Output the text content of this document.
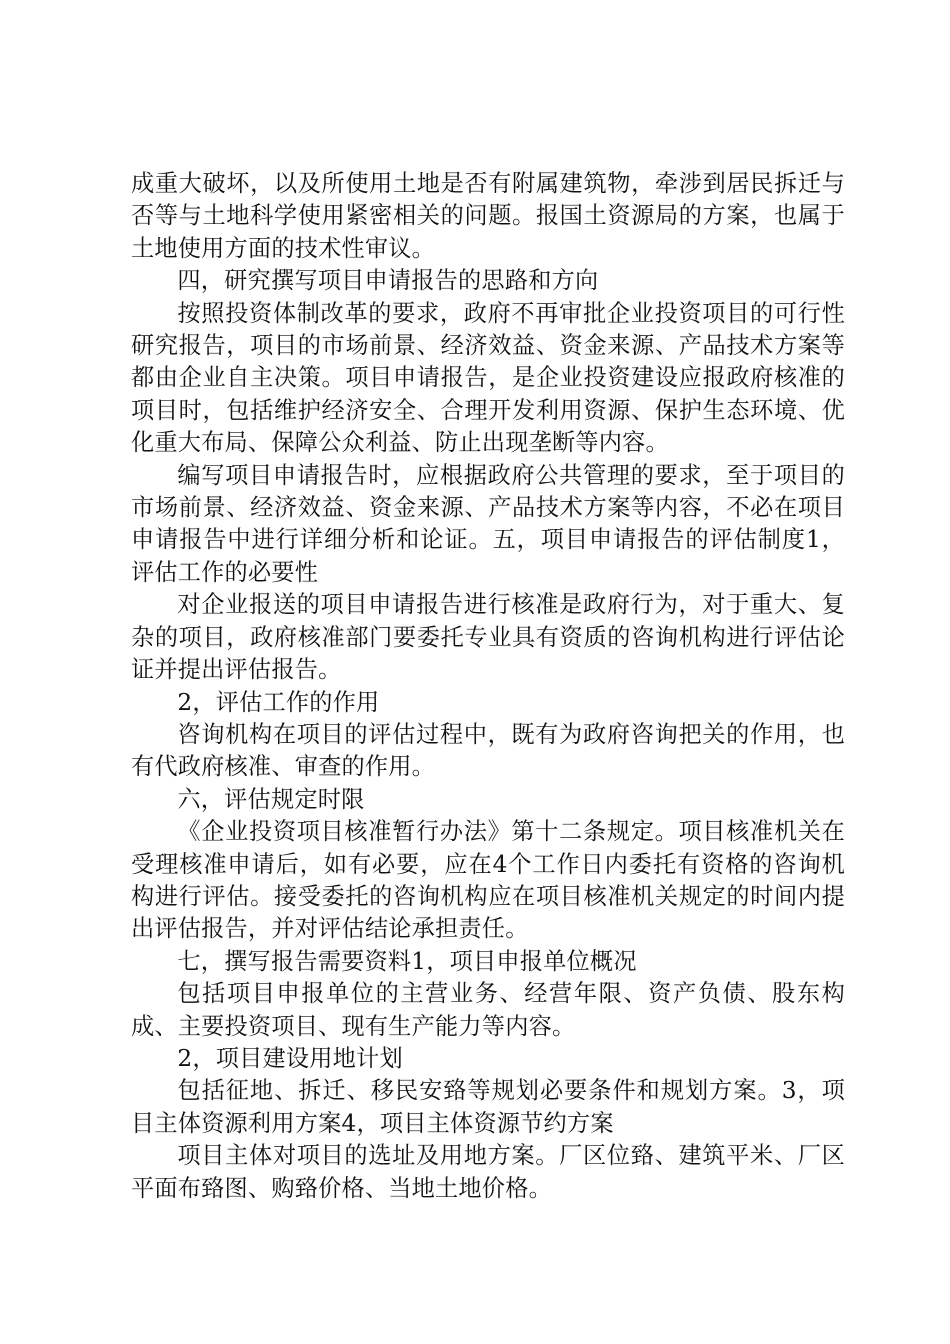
成重大破坏，以及所使用土地是否有附属建筑物，牵涉到居民拆迁与否等与土地科学使用紧密相关的问题。报国土资源局的方案，也属于土地使用方面的技术性审议。

四，研究撰写项目申请报告的思路和方向

按照投资体制改革的要求，政府不再审批企业投资项目的可行性研究报告，项目的市场前景、经济效益、资金来源、产品技术方案等都由企业自主决策。项目申请报告，是企业投资建设应报政府核准的项目时，包括维护经济安全、合理开发利用资源、保护生态环境、优化重大布局、保障公众利益、防止出现垄断等内容。

编写项目申请报告时，应根据政府公共管理的要求，至于项目的市场前景、经济效益、资金来源、产品技术方案等内容，不必在项目申请报告中进行详细分析和论证。五，项目申请报告的评估制度1，评估工作的必要性

对企业报送的项目申请报告进行核准是政府行为，对于重大、复杂的项目，政府核准部门要委托专业具有资质的咨询机构进行评估论证并提出评估报告。

2，评估工作的作用

咨询机构在项目的评估过程中，既有为政府咨询把关的作用，也有代政府核准、审查的作用。

六，评估规定时限

《企业投资项目核准暂行办法》第十二条规定。项目核准机关在受理核准申请后，如有必要，应在4个工作日内委托有资格的咨询机构进行评估。接受委托的咨询机构应在项目核准机关规定的时间内提出评估报告，并对评估结论承担责任。

七，撰写报告需要资料1，项目申报单位概况

包括项目申报单位的主营业务、经营年限、资产负债、股东构成、主要投资项目、现有生产能力等内容。

2，项目建设用地计划

包括征地、拆迁、移民安臵等规划必要条件和规划方案。3，项目主体资源利用方案4，项目主体资源节约方案

项目主体对项目的选址及用地方案。厂区位臵、建筑平米、厂区平面布臵图、购臵价格、当地土地价格。
